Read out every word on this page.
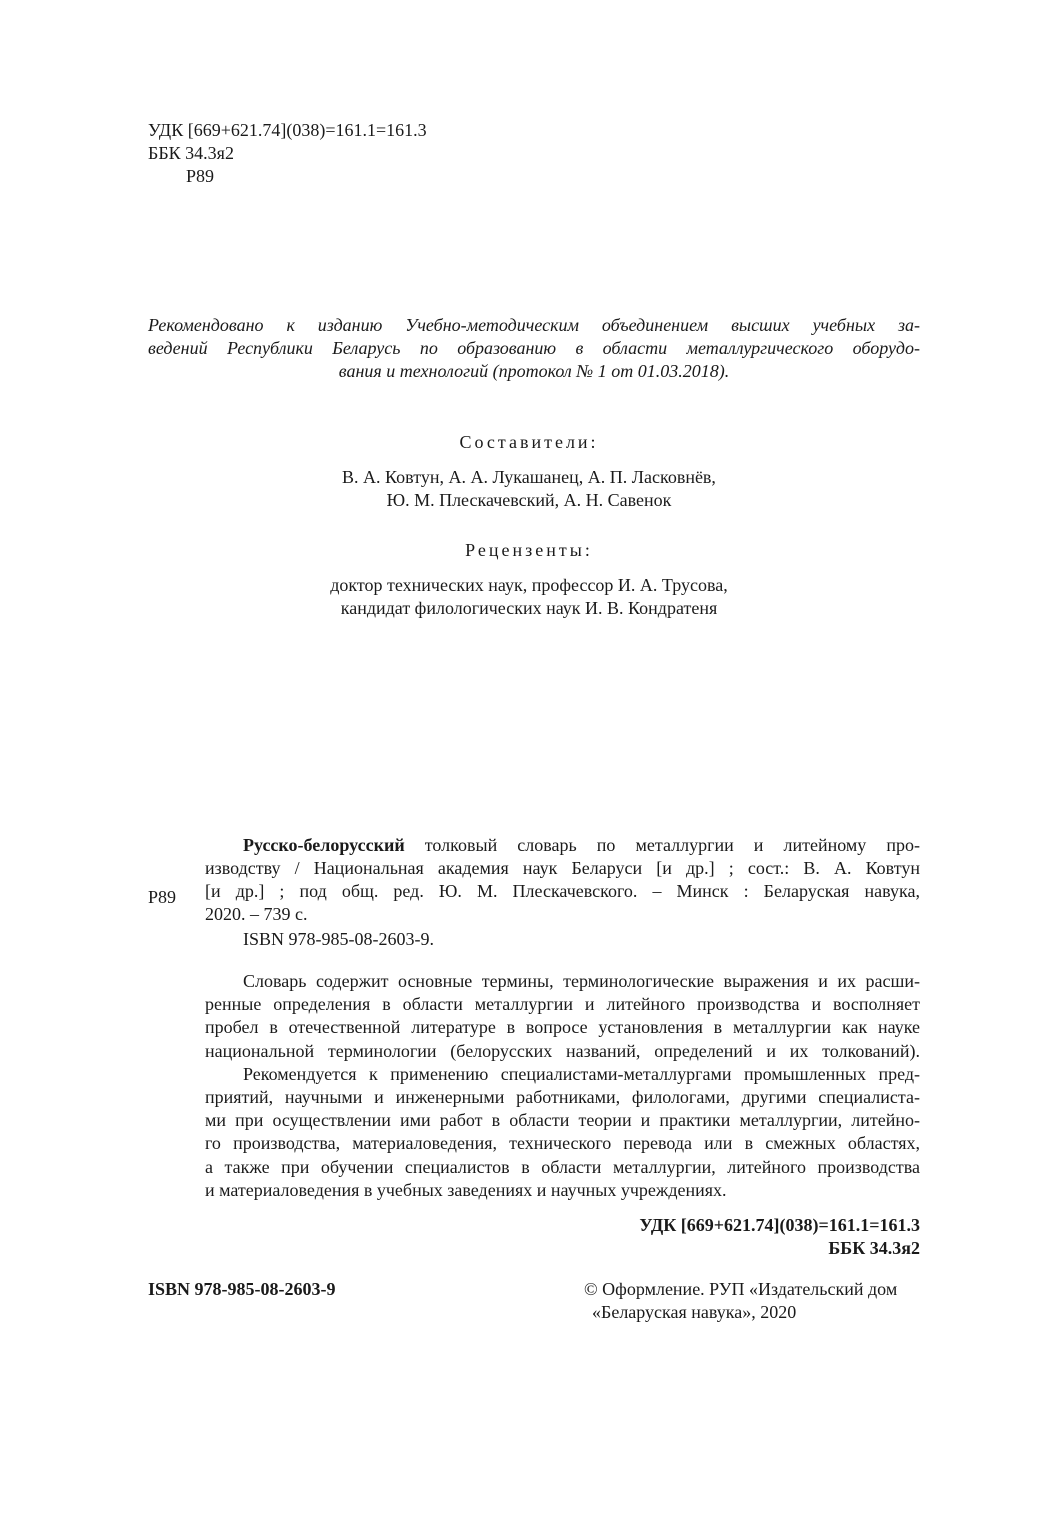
УДК [669+621.74](038)=161.1=161.3
ББК 34.3я2
Р89
Рекомендовано к изданию Учебно-методическим объединением высших учебных за-
ведений Республики Беларусь по образованию в области металлургического оборудо-
вания и технологий (протокол № 1 от 01.03.2018).
Составители:
В. А. Ковтун, А. А. Лукашанец, А. П. Ласковнёв,
Ю. М. Плескачевский, А. Н. Савенок
Рецензенты:
доктор технических наук, профессор И. А. Трусова,
кандидат филологических наук И. В. Кондратеня
Р89
Русско-белорусский толковый словарь по металлургии и литейному про-
изводству / Национальная академия наук Беларуси [и др.] ; сост.: В. А. Ковтун
[и др.] ; под общ. ред. Ю. М. Плескачевского. – Минск : Беларуская навука,
2020. – 739 с.
ISBN 978-985-08-2603-9.
Словарь содержит основные термины, терминологические выражения и их расши-
ренные определения в области металлургии и литейного производства и восполняет
пробел в отечественной литературе в вопросе установления в металлургии как науке
национальной терминологии (белорусских названий, определений и их толкований).
Рекомендуется к применению специалистами-металлургами промышленных пред-
приятий, научными и инженерными работниками, филологами, другими специалиста-
ми при осуществлении ими работ в области теории и практики металлургии, литейно-
го производства, материаловедения, технического перевода или в смежных областях,
а также при обучении специалистов в области металлургии, литейного производства
и материаловедения в учебных заведениях и научных учреждениях.
УДК [669+621.74](038)=161.1=161.3
ББК 34.3я2
ISBN 978-985-08-2603-9	© Оформление. РУП «Издательский дом
«Беларуская навука», 2020
